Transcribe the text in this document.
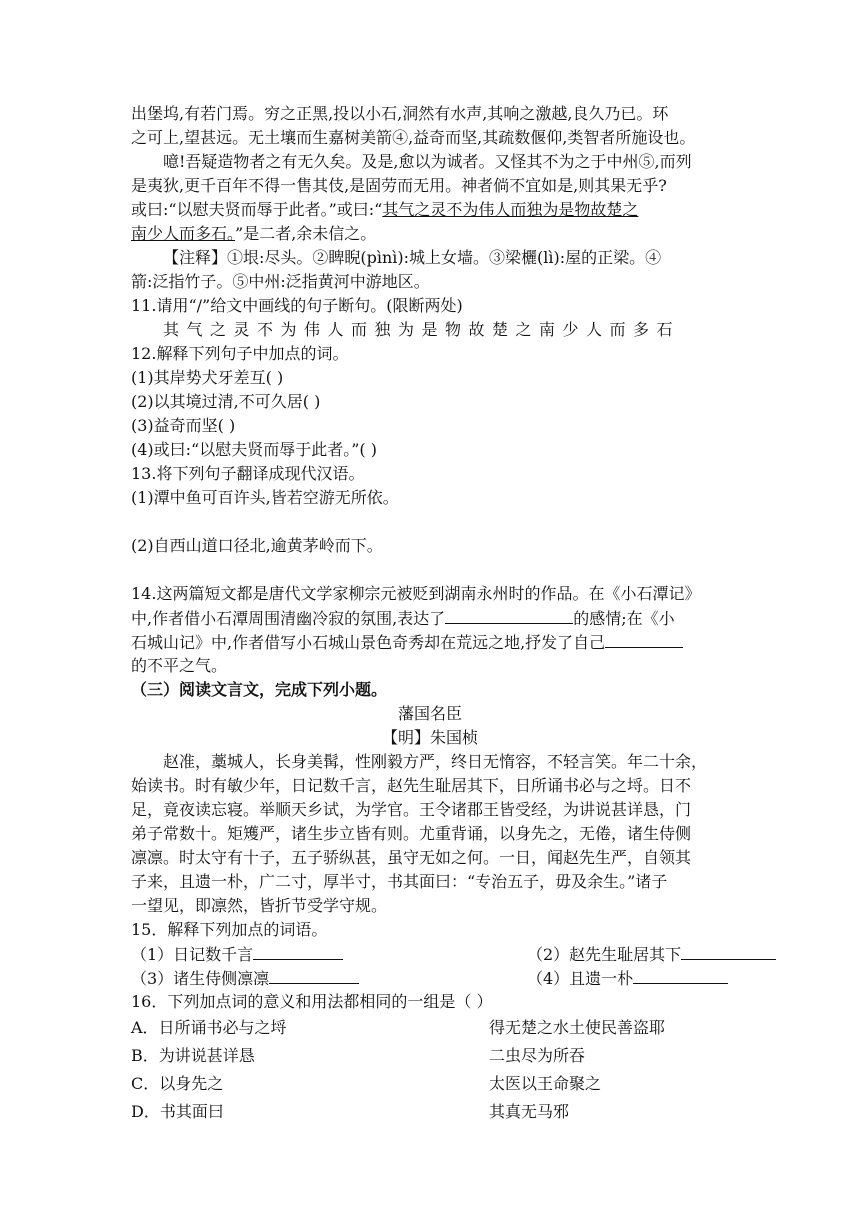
出堡坞,有若门焉。穷之正黑,投以小石,洞然有水声,其响之激越,良久乃已。环
之可上,望甚远。无土壤而生嘉树美箭④,益奇而坚,其疏数偃仰,类智者所施设也。
噫!吾疑造物者之有无久矣。及是,愈以为诚者。又怪其不为之于中州⑤,而列
是夷狄,更千百年不得一售其伎,是固劳而无用。神者倘不宜如是,则其果无乎?
或曰:“以慰夫贤而辱于此者。”或曰:“其气之灵不为伟人而独为是物故楚之
南少人而多石。”是二者,余未信之。
【注释】①垠:尽头。②睥睨(pìnì):城上女墙。③梁欐(lì):屋的正梁。④
箭:泛指竹子。⑤中州:泛指黄河中游地区。
11.请用“/”给文中画线的句子断句。(限断两处)
其气之灵不为伟人而独为是物故楚之南少人而多石
12.解释下列句子中加点的词。
(1)其岸势犬牙差互( )
(2)以其境过清,不可久居( )
(3)益奇而坚( )
(4)或曰:“以慰夫贤而辱于此者。”( )
13.将下列句子翻译成现代汉语。
(1)潭中鱼可百许头,皆若空游无所依。
(2)自西山道口径北,逾黄茅岭而下。
14.这两篇短文都是唐代文学家柳宗元被贬到湖南永州时的作品。在《小石潭记》
中,作者借小石潭周围清幽冷寂的氛围,表达了	的感情;在《小
石城山记》中,作者借写小石城山景色奇秀却在荒远之地,抒发了自己
的不平之气。
（三）阅读文言文，完成下列小题。
藩国名臣
【明】朱国桢
赵准，藁城人，长身美髯，性刚毅方严，终日无惰容，不轻言笑。年二十余，
始读书。时有敏少年，日记数千言，赵先生耻居其下，日所诵书必与之埒。日不
足，竟夜读忘寝。举顺天乡试，为学官。王令诸郡王皆受经，为讲说甚详恳，门
弟子常数十。矩矱严，诸生步立皆有则。尤重背诵，以身先之，无倦，诸生侍侧
凛凛。时太守有十子，五子骄纵甚，虽守无如之何。一日，闻赵先生严，自领其
子来，且遗一朴，广二寸，厚半寸，书其面曰：“专治五子，毋及余生。”诸子
一望见，即凛然，皆折节受学守规。
15．解释下列加点的词语。
（1）日记数千言	（2）赵先生耻居其下
（3）诸生侍侧凛凛	（4）且遗一朴
16．下列加点词的意义和用法都相同的一组是（ ）
A．日所诵书必与之埒	得无楚之水土使民善盗耶
B．为讲说甚详恳	二虫尽为所吞
C．以身先之	太医以王命聚之
D．书其面曰	其真无马邪
